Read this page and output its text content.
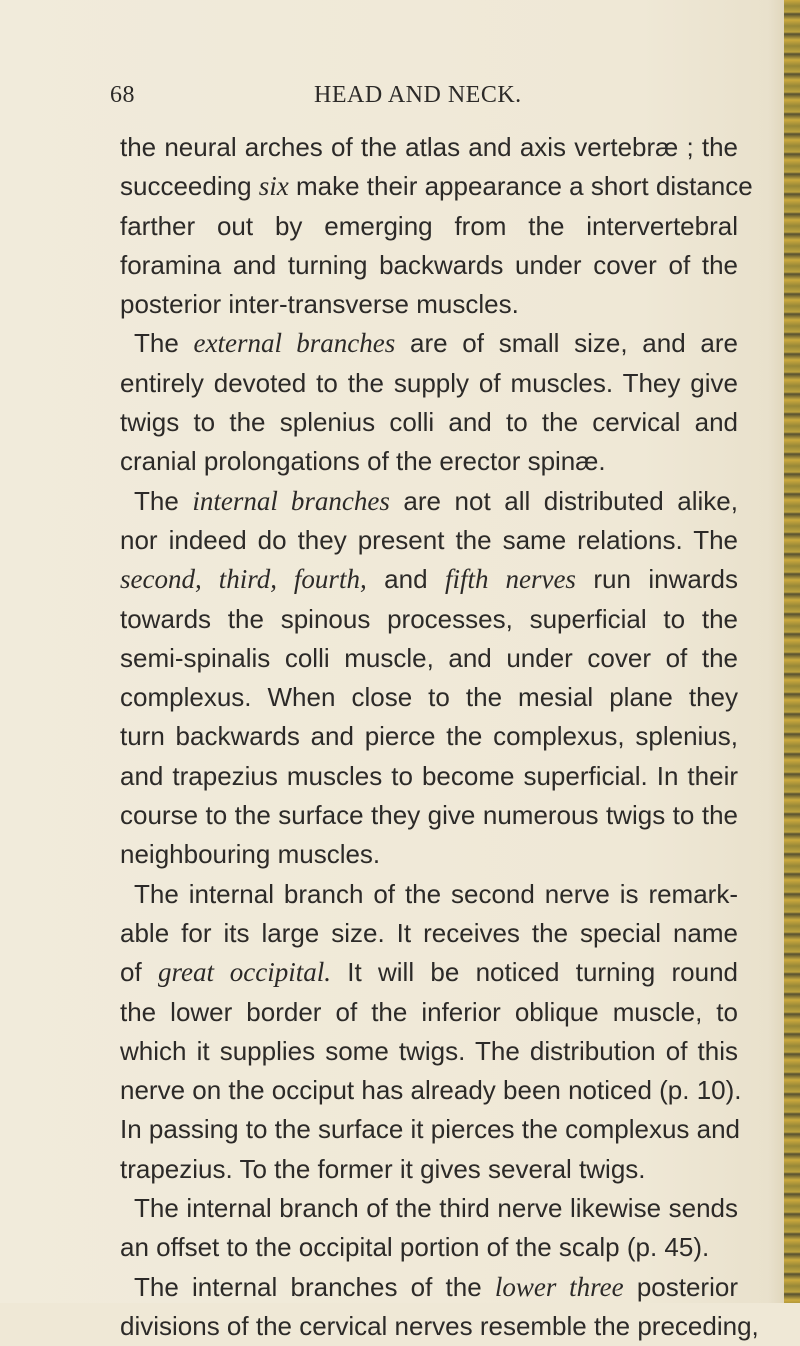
68	HEAD AND NECK.
the neural arches of the atlas and axis vertebræ ; the
succeeding six make their appearance a short distance
farther out by emerging from the intervertebral
foramina and turning backwards under cover of the
posterior inter-transverse muscles.
The external branches are of small size, and are
entirely devoted to the supply of muscles. They give
twigs to the splenius colli and to the cervical and
cranial prolongations of the erector spinæ.
The internal branches are not all distributed alike,
nor indeed do they present the same relations. The
second, third, fourth, and fifth nerves run inwards
towards the spinous processes, superficial to the
semi-spinalis colli muscle, and under cover of the
complexus. When close to the mesial plane they
turn backwards and pierce the complexus, splenius,
and trapezius muscles to become superficial. In their
course to the surface they give numerous twigs to the
neighbouring muscles.
The internal branch of the second nerve is remark-
able for its large size. It receives the special name
of great occipital. It will be noticed turning round
the lower border of the inferior oblique muscle, to
which it supplies some twigs. The distribution of this
nerve on the occiput has already been noticed (p. 10).
In passing to the surface it pierces the complexus and
trapezius. To the former it gives several twigs.
The internal branch of the third nerve likewise sends
an offset to the occipital portion of the scalp (p. 45).
The internal branches of the lower three posterior
divisions of the cervical nerves resemble the preceding,
